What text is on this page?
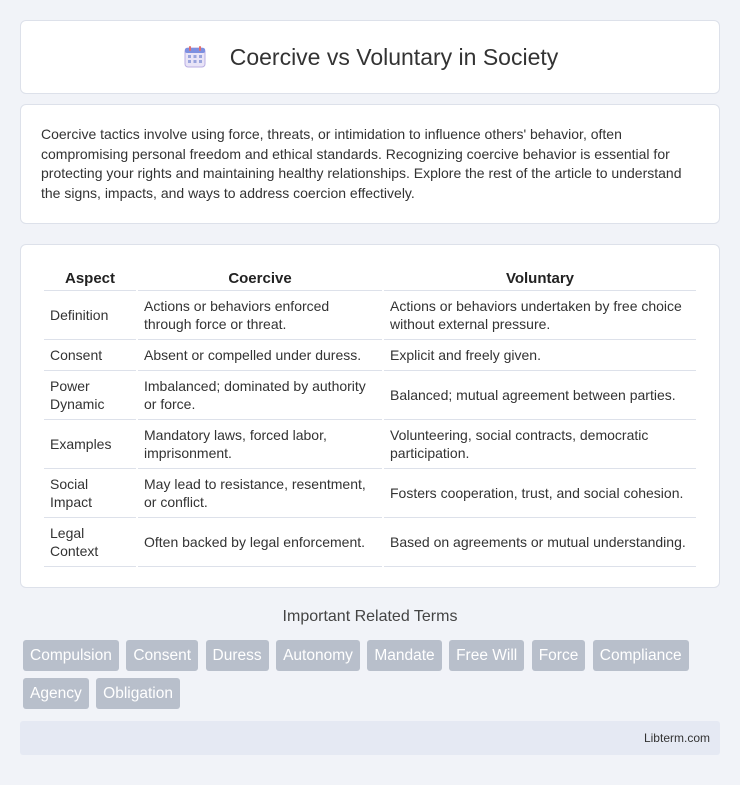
Coercive vs Voluntary in Society

Coercive tactics involve using force, threats, or intimidation to influence others' behavior, often compromising personal freedom and ethical standards. Recognizing coercive behavior is essential for protecting your rights and maintaining healthy relationships. Explore the rest of the article to understand the signs, impacts, and ways to address coercion effectively.

Aspect	Coercive	Voluntary
Definition	Actions or behaviors enforced through force or threat.	Actions or behaviors undertaken by free choice without external pressure.
Consent	Absent or compelled under duress.	Explicit and freely given.
Power Dynamic	Imbalanced; dominated by authority or force.	Balanced; mutual agreement between parties.
Examples	Mandatory laws, forced labor, imprisonment.	Volunteering, social contracts, democratic participation.
Social Impact	May lead to resistance, resentment, or conflict.	Fosters cooperation, trust, and social cohesion.
Legal Context	Often backed by legal enforcement.	Based on agreements or mutual understanding.
Important Related Terms
Compulsion Consent Duress Autonomy Mandate Free Will Force Compliance Agency Obligation
Libterm.com
